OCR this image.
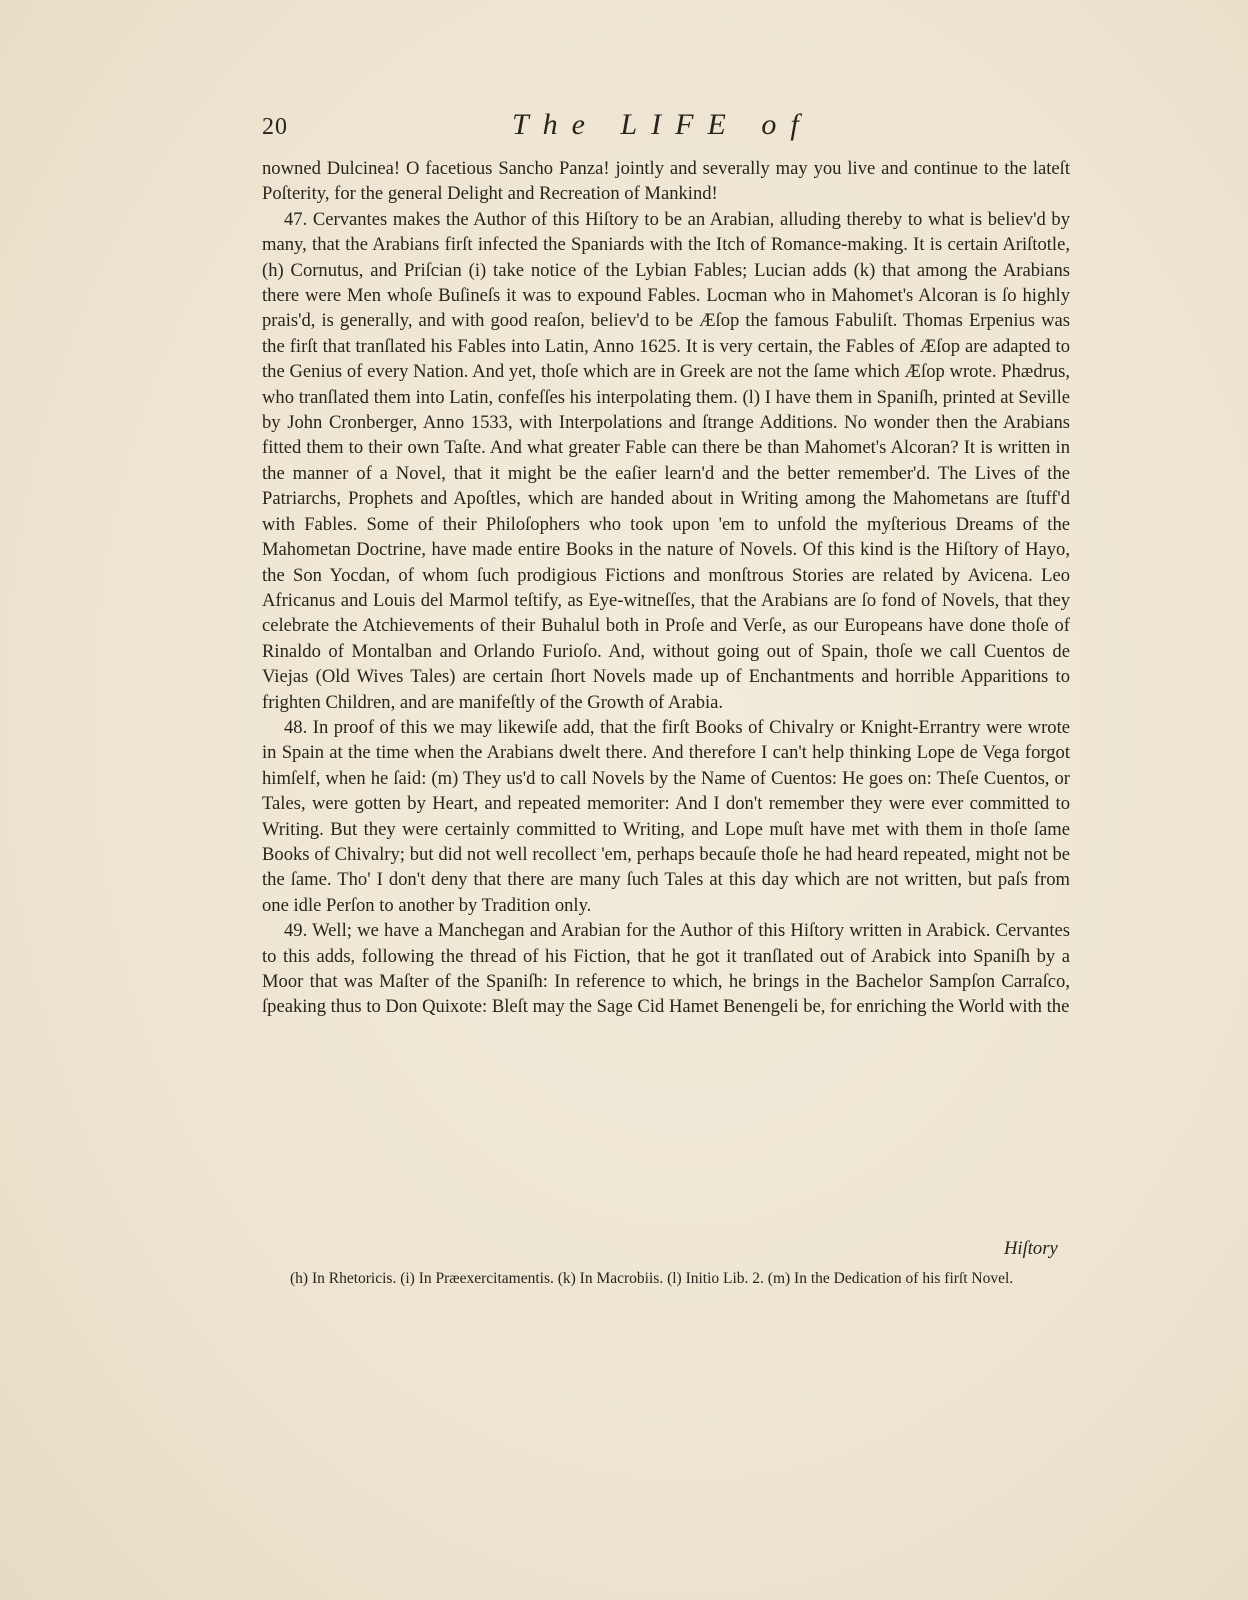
20	The LIFE of

nowned Dulcinea! O facetious Sancho Panza! jointly and severally may you live and continue to the lateſt Poſterity, for the general Delight and Recreation of Mankind!

47. Cervantes makes the Author of this Hiſtory to be an Arabian, alluding thereby to what is believ'd by many, that the Arabians firſt infected the Spaniards with the Itch of Romance-making. It is certain Ariſtotle, (h) Cornutus, and Priſcian (i) take notice of the Lybian Fables; Lucian adds (k) that among the Arabians there were Men whoſe Buſineſs it was to expound Fables. Locman who in Mahomet's Alcoran is ſo highly prais'd, is generally, and with good reaſon, believ'd to be Æſop the famous Fabuliſt. Thomas Erpenius was the firſt that tranſlated his Fables into Latin, Anno 1625. It is very certain, the Fables of Æſop are adapted to the Genius of every Nation. And yet, thoſe which are in Greek are not the ſame which Æſop wrote. Phædrus, who tranſlated them into Latin, confeſſes his interpolating them. (l) I have them in Spaniſh, printed at Seville by John Cronberger, Anno 1533, with Interpolations and ſtrange Additions. No wonder then the Arabians fitted them to their own Taſte. And what greater Fable can there be than Mahomet's Alcoran? It is written in the manner of a Novel, that it might be the eaſier learn'd and the better remember'd. The Lives of the Patriarchs, Prophets and Apoſtles, which are handed about in Writing among the Mahometans are ſtuff'd with Fables. Some of their Philoſophers who took upon 'em to unfold the myſterious Dreams of the Mahometan Doctrine, have made entire Books in the nature of Novels. Of this kind is the Hiſtory of Hayo, the Son Yocdan, of whom ſuch prodigious Fictions and monſtrous Stories are related by Avicena. Leo Africanus and Louis del Marmol teſtify, as Eye-witneſſes, that the Arabians are ſo fond of Novels, that they celebrate the Atchievements of their Buhalul both in Proſe and Verſe, as our Europeans have done thoſe of Rinaldo of Montalban and Orlando Furioſo. And, without going out of Spain, thoſe we call Cuentos de Viejas (Old Wives Tales) are certain ſhort Novels made up of Enchantments and horrible Apparitions to frighten Children, and are manifeſtly of the Growth of Arabia.

48. In proof of this we may likewiſe add, that the firſt Books of Chivalry or Knight-Errantry were wrote in Spain at the time when the Arabians dwelt there. And therefore I can't help thinking Lope de Vega forgot himſelf, when he ſaid: (m) They us'd to call Novels by the Name of Cuentos: He goes on: Theſe Cuentos, or Tales, were gotten by Heart, and repeated memoriter: And I don't remember they were ever committed to Writing. But they were certainly committed to Writing, and Lope muſt have met with them in thoſe ſame Books of Chivalry; but did not well recollect 'em, perhaps becauſe thoſe he had heard repeated, might not be the ſame. Tho' I don't deny that there are many ſuch Tales at this day which are not written, but paſs from one idle Perſon to another by Tradition only.

49. Well; we have a Manchegan and Arabian for the Author of this Hiſtory written in Arabick. Cervantes to this adds, following the thread of his Fiction, that he got it tranſlated out of Arabick into Spaniſh by a Moor that was Maſter of the Spaniſh: In reference to which, he brings in the Bachelor Sampſon Carraſco, ſpeaking thus to Don Quixote: Bleſt may the Sage Cid Hamet Benengeli be, for enriching the World with the

Hiſtory

(h) In Rhetoricis. (i) In Præexercitamentis. (k) In Macrobiis. (l) Initio Lib. 2. (m) In the Dedication of his firſt Novel.
